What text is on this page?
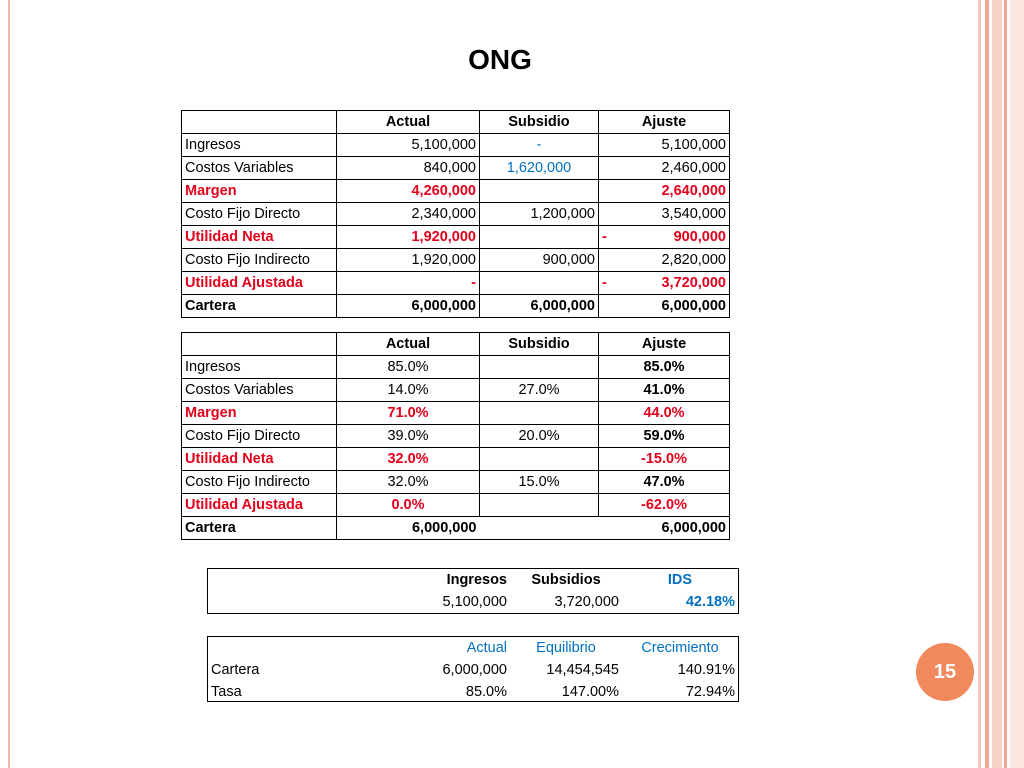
ONG
	Actual	Subsidio	Ajuste
Ingresos	5,100,000	-	5,100,000
Costos Variables	840,000	1,620,000	2,460,000
Margen	4,260,000		2,640,000
Costo Fijo Directo	2,340,000	1,200,000	3,540,000
Utilidad Neta	1,920,000		- 900,000

Costo Fijo Indirecto	1,920,000	900,000	2,820,000
Utilidad Ajustada	-		- 3,720,000

Cartera	6,000,000	6,000,000	6,000,000
	Actual	Subsidio	Ajuste
Ingresos	85.0%		85.0%
Costos Variables	14.0%	27.0%	41.0%
Margen	71.0%		44.0%
Costo Fijo Directo	39.0%	20.0%	59.0%
Utilidad Neta	32.0%		-15.0%
Costo Fijo Indirecto	32.0%	15.0%	47.0%
Utilidad Ajustada	0.0%		-62.0%
Cartera	6,000,000		6,000,000
	Ingresos	Subsidios	IDS
	5,100,000	3,720,000	42.18%
	Actual	Equilibrio	Crecimiento
Cartera	6,000,000	14,454,545	140.91%
Tasa	85.0%	147.00%	72.94%
15
